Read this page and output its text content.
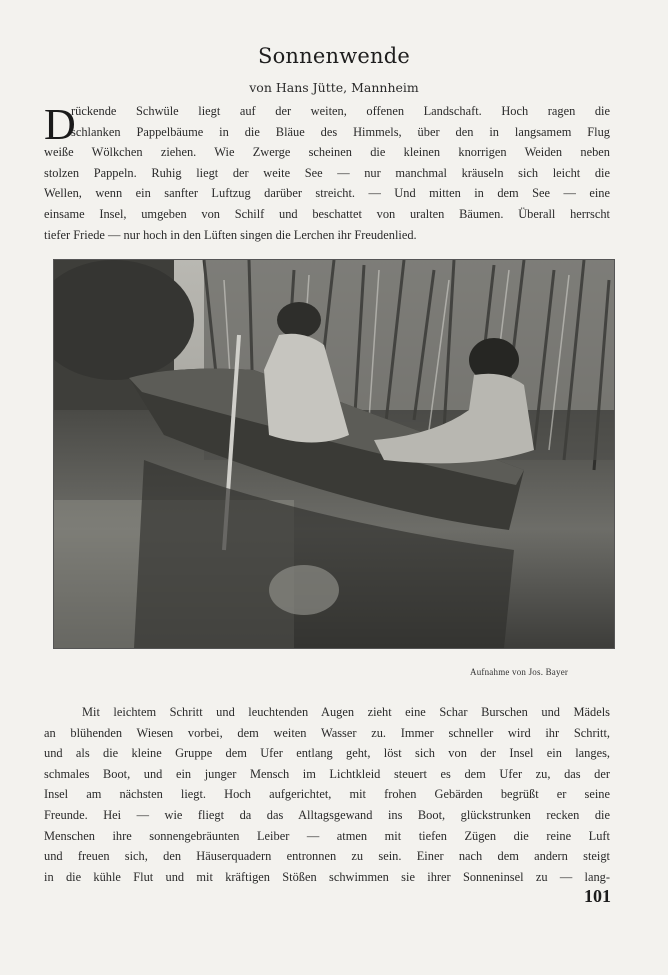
Sonnenwende
von Hans Jütte, Mannheim
D
rückende Schwüle liegt auf der weiten, offenen Landschaft. Hoch ragen die
schlanken Pappelbäume in die Bläue des Himmels, über den in langsamem Flug
weiße Wölkchen ziehen. Wie Zwerge scheinen die kleinen knorrigen Weiden neben
stolzen Pappeln. Ruhig liegt der weite See — nur manchmal kräuseln sich leicht die
Wellen, wenn ein sanfter Luftzug darüber streicht. — Und mitten in dem See — eine
einsame Insel, umgeben von Schilf und beschattet von uralten Bäumen. Überall herrscht
tiefer Friede — nur hoch in den Lüften singen die Lerchen ihr Freudenlied.
Aufnahme von Jos. Bayer
Mit leichtem Schritt und leuchtenden Augen zieht eine Schar Burschen und Mädels
an blühenden Wiesen vorbei, dem weiten Wasser zu. Immer schneller wird ihr Schritt,
und als die kleine Gruppe dem Ufer entlang geht, löst sich von der Insel ein langes,
schmales Boot, und ein junger Mensch im Lichtkleid steuert es dem Ufer zu, das der
Insel am nächsten liegt. Hoch aufgerichtet, mit frohen Gebärden begrüßt er seine
Freunde. Hei — wie fliegt da das Alltagsgewand ins Boot, glückstrunken recken die
Menschen ihre sonnengebräunten Leiber — atmen mit tiefen Zügen die reine Luft
und freuen sich, den Häuserquadern entronnen zu sein. Einer nach dem andern steigt
in die kühle Flut und mit kräftigen Stößen schwimmen sie ihrer Sonneninsel zu — lang-
101
